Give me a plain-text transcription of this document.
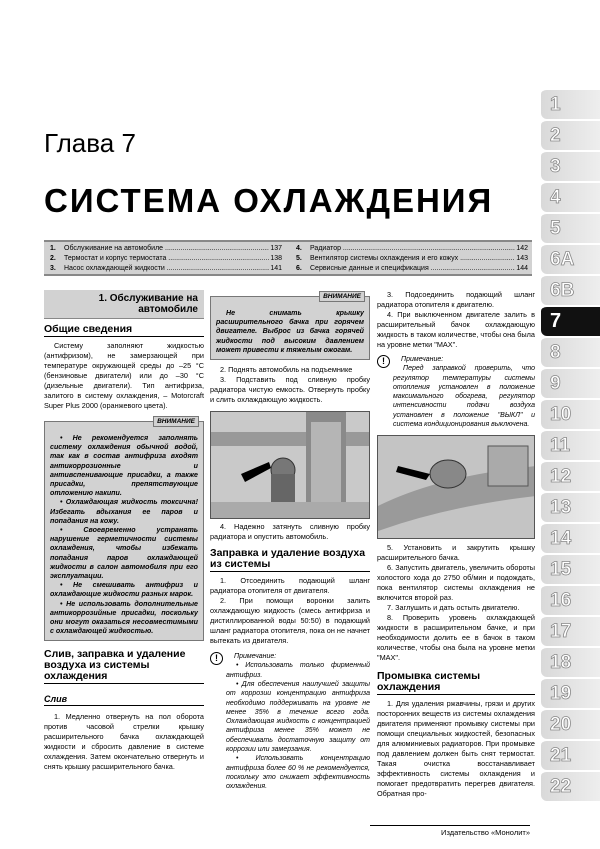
Глава 7
СИСТЕМА ОХЛАЖДЕНИЯ
1.	Обслуживание на автомобиле .....	137
2.	Термостат и корпус термостата .....	138
3.	Насос охлаждающей жидкости .....	141
4.	Радиатор .....	142
5.	Вентилятор системы охлаждения и его кожух .....	143
6.	Сервисные данные и спецификация .....	144
1. Обслуживание на автомобиле
Общие сведения

Систему заполняют жидкостью (антифризом), не замерзающей при температуре окружающей среды до –25 °С (бензиновые двигатели) или до –30 °С (дизельные двигатели). Тип антифриза, залитого в систему охлаждения, – Motorcraft Super Plus 2000 (оранжевого цвета).

ВНИМАНИЕ

• Не рекомендуется заполнять систему охлаждения обычной водой, так как в состав антифриза входят антикоррозионные и антивспенивающие присадки, а также присадки, препятствующие отложению накипи.

• Охлаждающая жидкость токсична! Избегать вдыхания ее паров и попадания на кожу.

• Своевременно устранять нарушение герметичности системы охлаждения, чтобы избежать попадания паров охлаждающей жидкости в салон автомобиля при его эксплуатации.

• Не смешивать антифриз и охлаждающие жидкости разных марок.

• Не использовать дополнительные антикоррозийные присадки, поскольку они могут оказаться несовместимыми с охлаждающей жидкостью.

Слив, заправка и удаление воздуха из системы охлаждения
Слив

1. Медленно отвернуть на пол оборота против часовой стрелки крышку расширительного бачка охлаждающей жидкости и сбросить давление в системе охлаждения. Затем окончательно отвернуть и снять крышку расширительного бачка.

ВНИМАНИЕ

Не снимать крышку расширительного бачка при горячем двигателе. Выброс из бачка горячей жидкости под высоким давлением может привести к тяжелым ожогам.

2. Поднять автомобиль на подъемнике

3. Подставить под сливную пробку радиатора чистую емкость. Отвернуть пробку и слить охлаждающую жидкость.

4. Надежно затянуть сливную пробку радиатора и опустить автомобиль.

Заправка и удаление воздуха из системы

1. Отсоединить подающий шланг радиатора отопителя от двигателя.

2. При помощи воронки залить охлаждающую жидкость (смесь антифриза и дистиллированной воды 50:50) в подающий шланг радиатора отопителя, пока он не начнет вытекать из двигателя.

!	Примечание:

• Использовать только фирменный антифриз.

• Для обеспечения наилучшей защиты от коррозии концентрацию антифриза необходимо поддерживать на уровне не менее 35% в течение всего года. Охлаждающая жидкость с концентрацией антифриза менее 35% может не обеспечивать достаточную защиту от коррозии или замерзания.

• Использовать концентрацию антифриза более 60 % не рекомендуется, поскольку это снижает эффективность охлаждения.

3. Подсоединить подающий шланг радиатора отопителя к двигателю.

4. При выключенном двигателе залить в расширительный бачок охлаждающую жидкость в таком количестве, чтобы она была на уровне метки "MAX".

!	Примечание:

Перед заправкой проверить, что регулятор температуры системы отопления установлен в положение максимального обогрева, регулятор интенсивности подачи воздуха установлен в положение "ВЫКЛ" и система кондиционирования выключена.

5. Установить и закрутить крышку расширительного бачка.

6. Запустить двигатель, увеличить обороты холостого хода до 2750 об/мин и подождать, пока вентилятор системы охлаждения не включится второй раз.

7. Заглушить и дать остыть двигателю.

8. Проверить уровень охлаждающей жидкости в расширительном бачке, и при необходимости долить ее в бачок в таком количестве, чтобы она была на уровне метки "MAX".

Промывка системы охлаждения

1. Для удаления ржавчины, грязи и других посторонних веществ из системы охлаждения двигателя применяют промывку системы при помощи специальных жидкостей, безопасных для алюминиевых радиаторов. При промывке под давлением должен быть снят термостат. Такая очистка восстанавливает эффективность системы охлаждения и помогает предотвратить перегрев двигателя. Обратная про-

1
2
3
4
5
6A
6B
7
8
9
10
11
12
13
14
15
16
17
18
19
20
21
22
Издательство «Монолит»
